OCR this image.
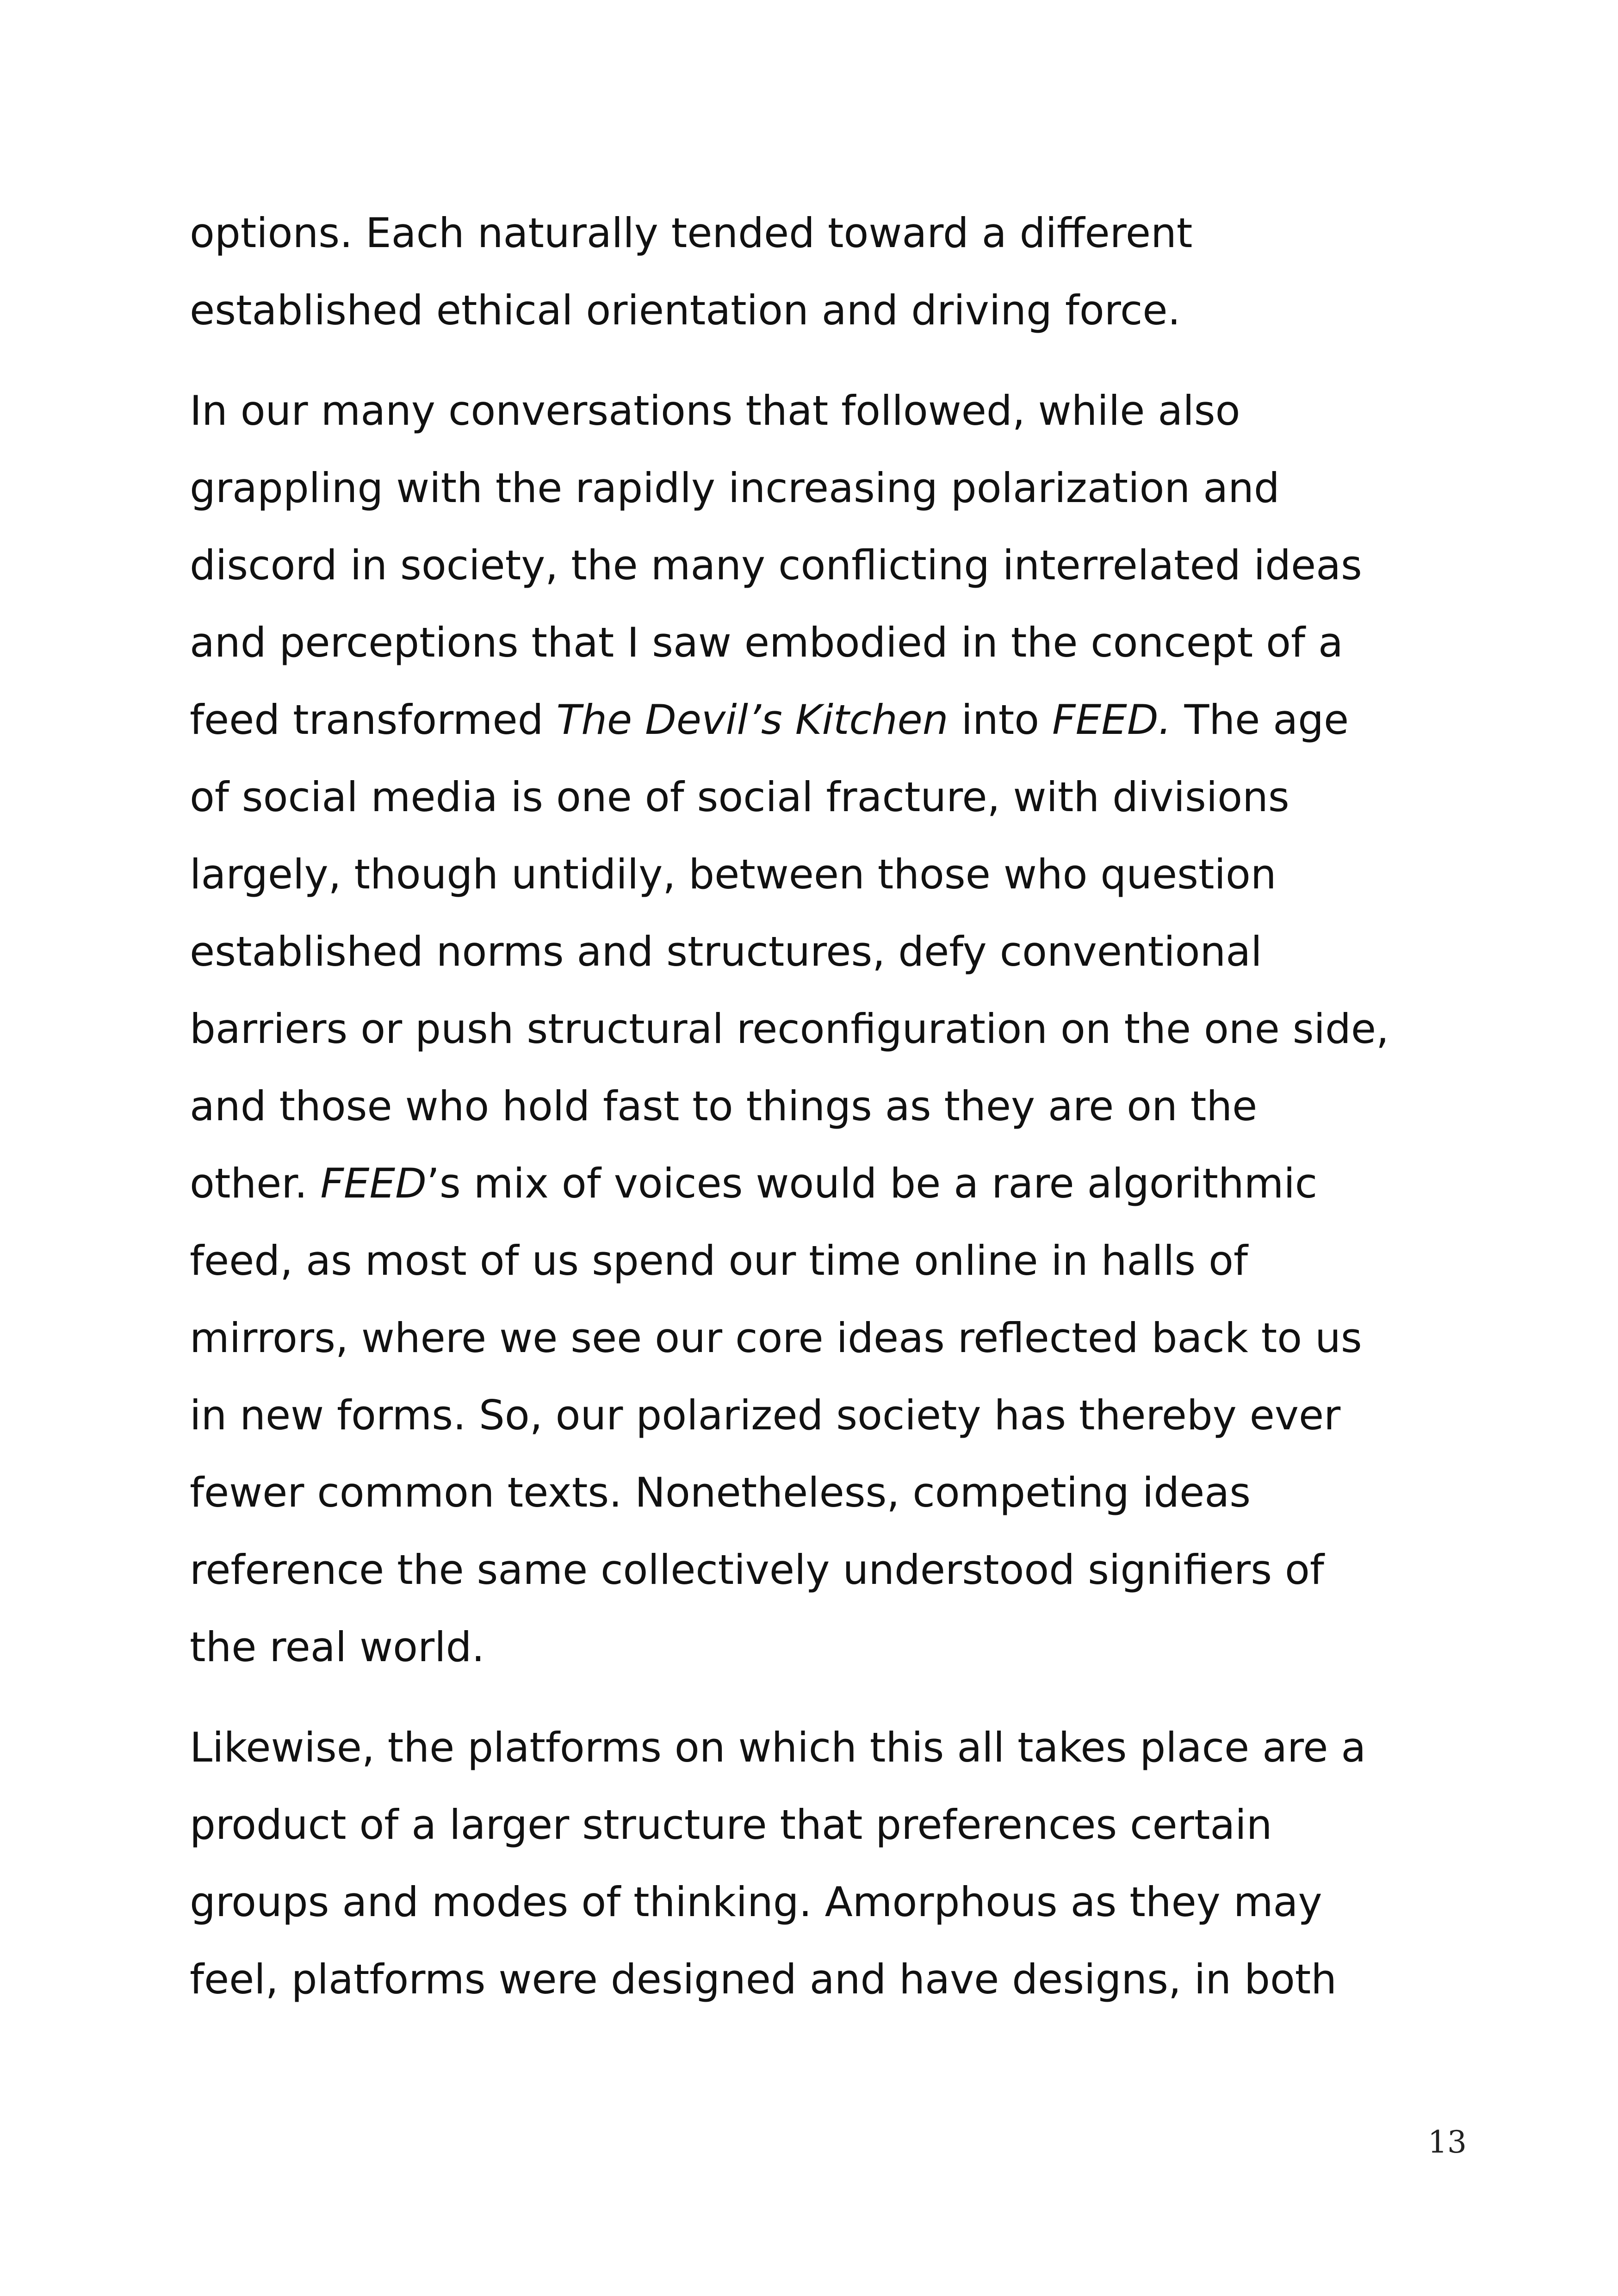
options. Each naturally tended toward a different
established ethical orientation and driving force.

In our many conversations that followed, while also
grappling with the rapidly increasing polarization and
discord in society, the many conflicting interrelated ideas
and perceptions that I saw embodied in the concept of a
feed transformed The Devil’s Kitchen into FEED. The age
of social media is one of social fracture, with divisions
largely, though untidily, between those who question
established norms and structures, defy conventional
barriers or push structural reconfiguration on the one side,
and those who hold fast to things as they are on the
other. FEED’s mix of voices would be a rare algorithmic
feed, as most of us spend our time online in halls of
mirrors, where we see our core ideas reflected back to us
in new forms. So, our polarized society has thereby ever
fewer common texts. Nonetheless, competing ideas
reference the same collectively understood signifiers of
the real world.

Likewise, the platforms on which this all takes place are a
product of a larger structure that preferences certain
groups and modes of thinking. Amorphous as they may
feel, platforms were designed and have designs, in both

13
